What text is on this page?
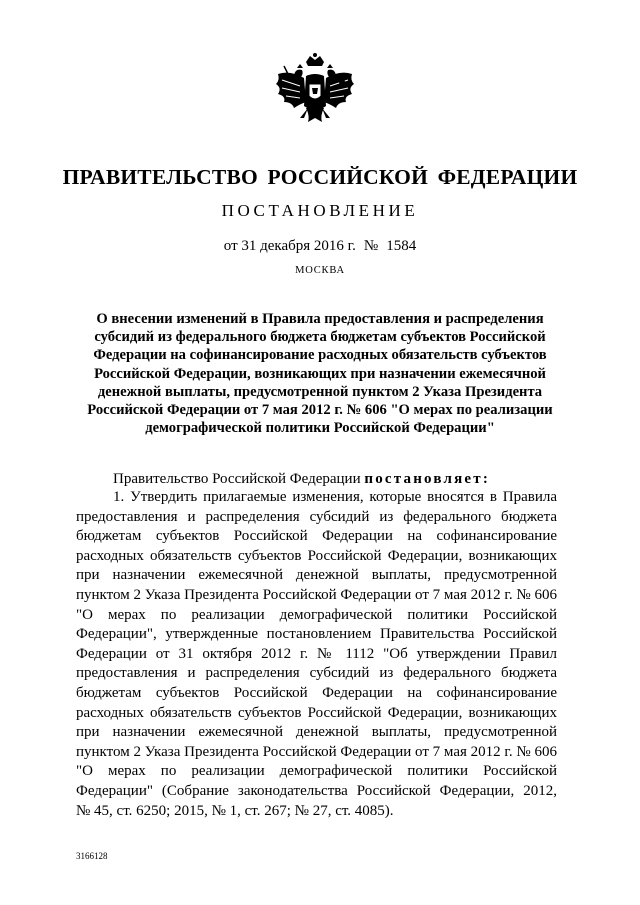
ПРАВИТЕЛЬСТВО РОССИЙСКОЙ ФЕДЕРАЦИИ
ПОСТАНОВЛЕНИЕ
от 31 декабря 2016 г. № 1584
МОСКВА
О внесении изменений в Правила предоставления и распределения
субсидий из федерального бюджета бюджетам субъектов Российской
Федерации на софинансирование расходных обязательств субъектов
Российской Федерации, возникающих при назначении ежемесячной
денежной выплаты, предусмотренной пунктом 2 Указа Президента
Российской Федерации от 7 мая 2012 г. № 606 "О мерах по реализации
демографической политики Российской Федерации"
Правительство Российской Федерации постановляет:
1. Утвердить прилагаемые изменения, которые вносятся в Правила
предоставления и распределения субсидий из федерального бюджета
бюджетам субъектов Российской Федерации на софинансирование
расходных обязательств субъектов Российской Федерации, возникающих
при назначении ежемесячной денежной выплаты, предусмотренной
пунктом 2 Указа Президента Российской Федерации от 7 мая 2012 г. № 606
"О мерах по реализации демографической политики Российской
Федерации", утвержденные постановлением Правительства Российской
Федерации от 31 октября 2012 г. № 1112 "Об утверждении Правил
предоставления и распределения субсидий из федерального бюджета
бюджетам субъектов Российской Федерации на софинансирование
расходных обязательств субъектов Российской Федерации, возникающих
при назначении ежемесячной денежной выплаты, предусмотренной
пунктом 2 Указа Президента Российской Федерации от 7 мая 2012 г. № 606
"О мерах по реализации демографической политики Российской
Федерации" (Собрание законодательства Российской Федерации, 2012,
№ 45, ст. 6250; 2015, № 1, ст. 267; № 27, ст. 4085).
3166128
